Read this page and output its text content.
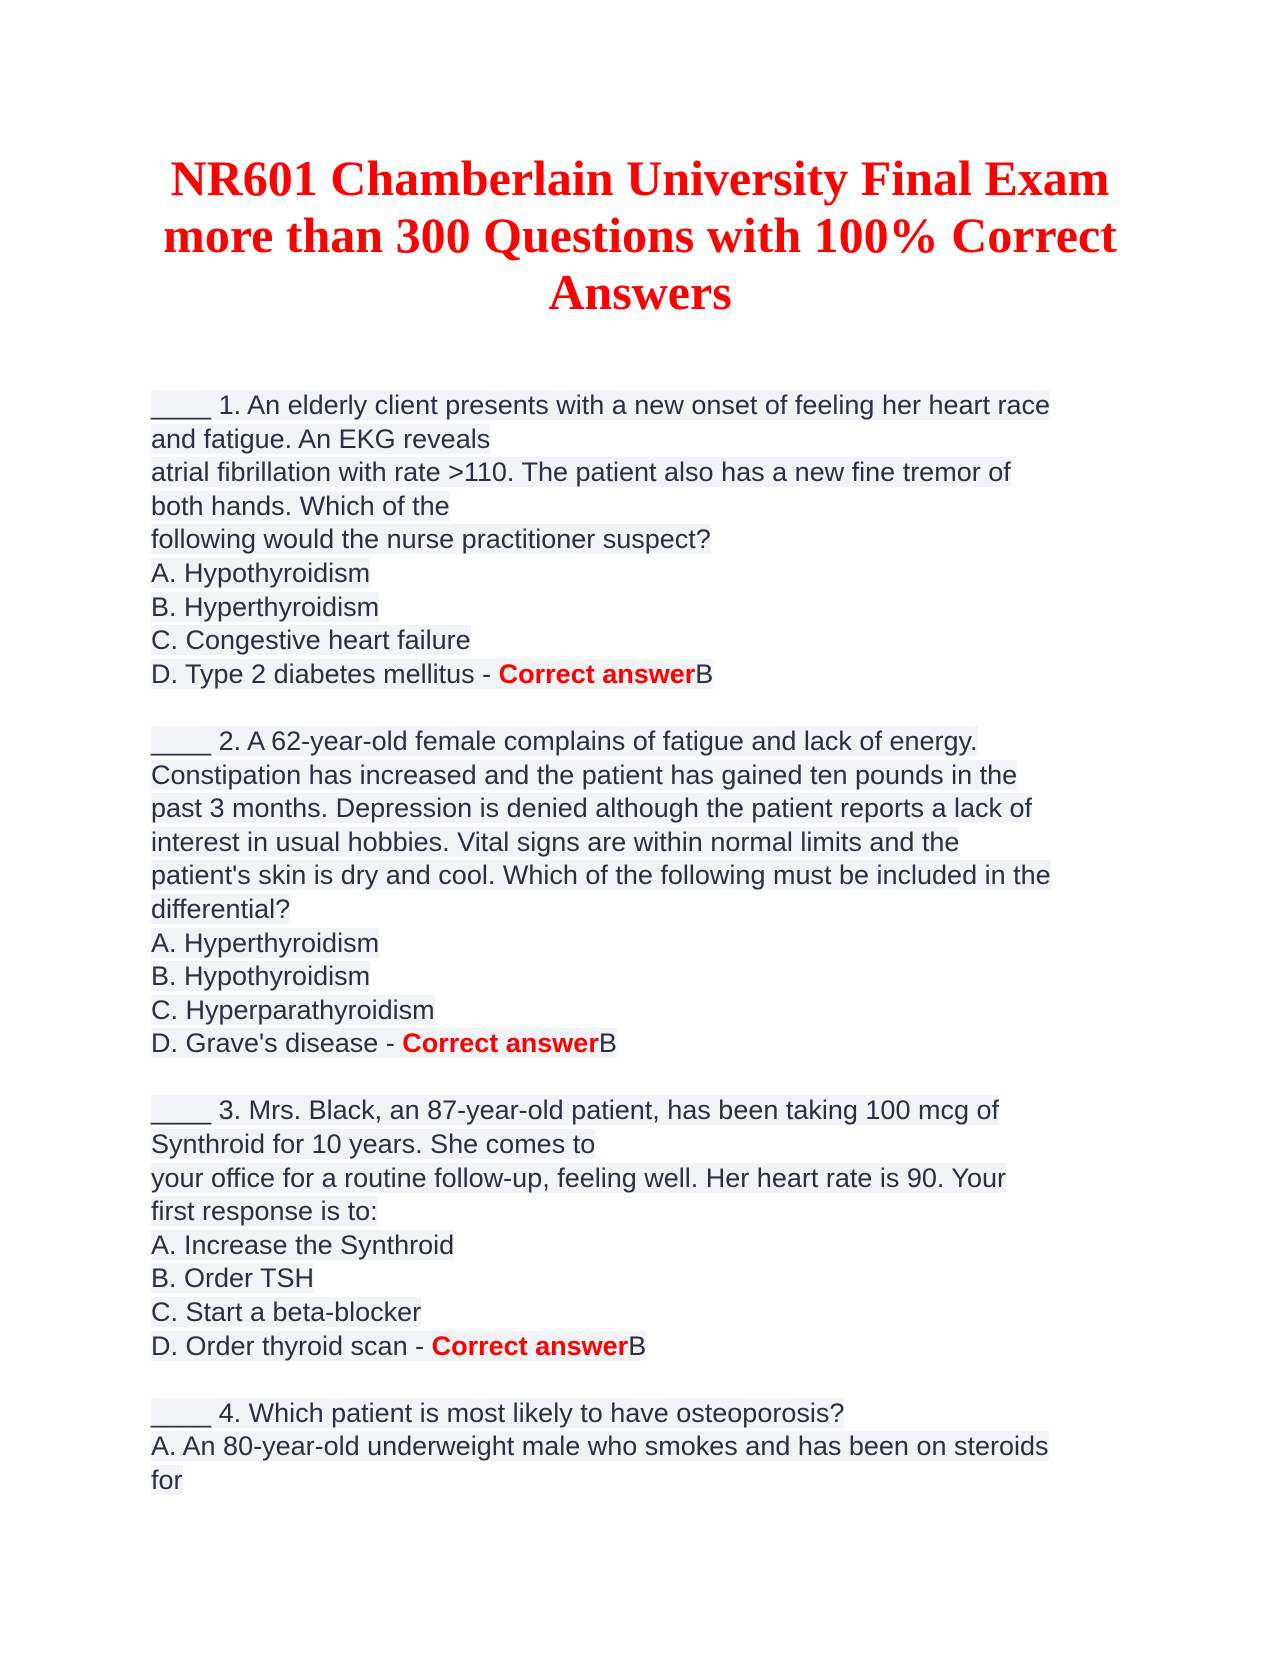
NR601 Chamberlain University Final Exam
more than 300 Questions with 100% Correct
Answers
____ 1. An elderly client presents with a new onset of feeling her heart race
and fatigue. An EKG reveals
atrial fibrillation with rate >110. The patient also has a new fine tremor of
both hands. Which of the
following would the nurse practitioner suspect?
A. Hypothyroidism
B. Hyperthyroidism
C. Congestive heart failure
D. Type 2 diabetes mellitus - Correct answerB
____ 2. A 62-year-old female complains of fatigue and lack of energy.
Constipation has increased and the patient has gained ten pounds in the
past 3 months. Depression is denied although the patient reports a lack of
interest in usual hobbies. Vital signs are within normal limits and the
patient's skin is dry and cool. Which of the following must be included in the
differential?
A. Hyperthyroidism
B. Hypothyroidism
C. Hyperparathyroidism
D. Grave's disease - Correct answerB
____ 3. Mrs. Black, an 87-year-old patient, has been taking 100 mcg of
Synthroid for 10 years. She comes to
your office for a routine follow-up, feeling well. Her heart rate is 90. Your
first response is to:
A. Increase the Synthroid
B. Order TSH
C. Start a beta-blocker
D. Order thyroid scan - Correct answerB
____ 4. Which patient is most likely to have osteoporosis?
A. An 80-year-old underweight male who smokes and has been on steroids
for
